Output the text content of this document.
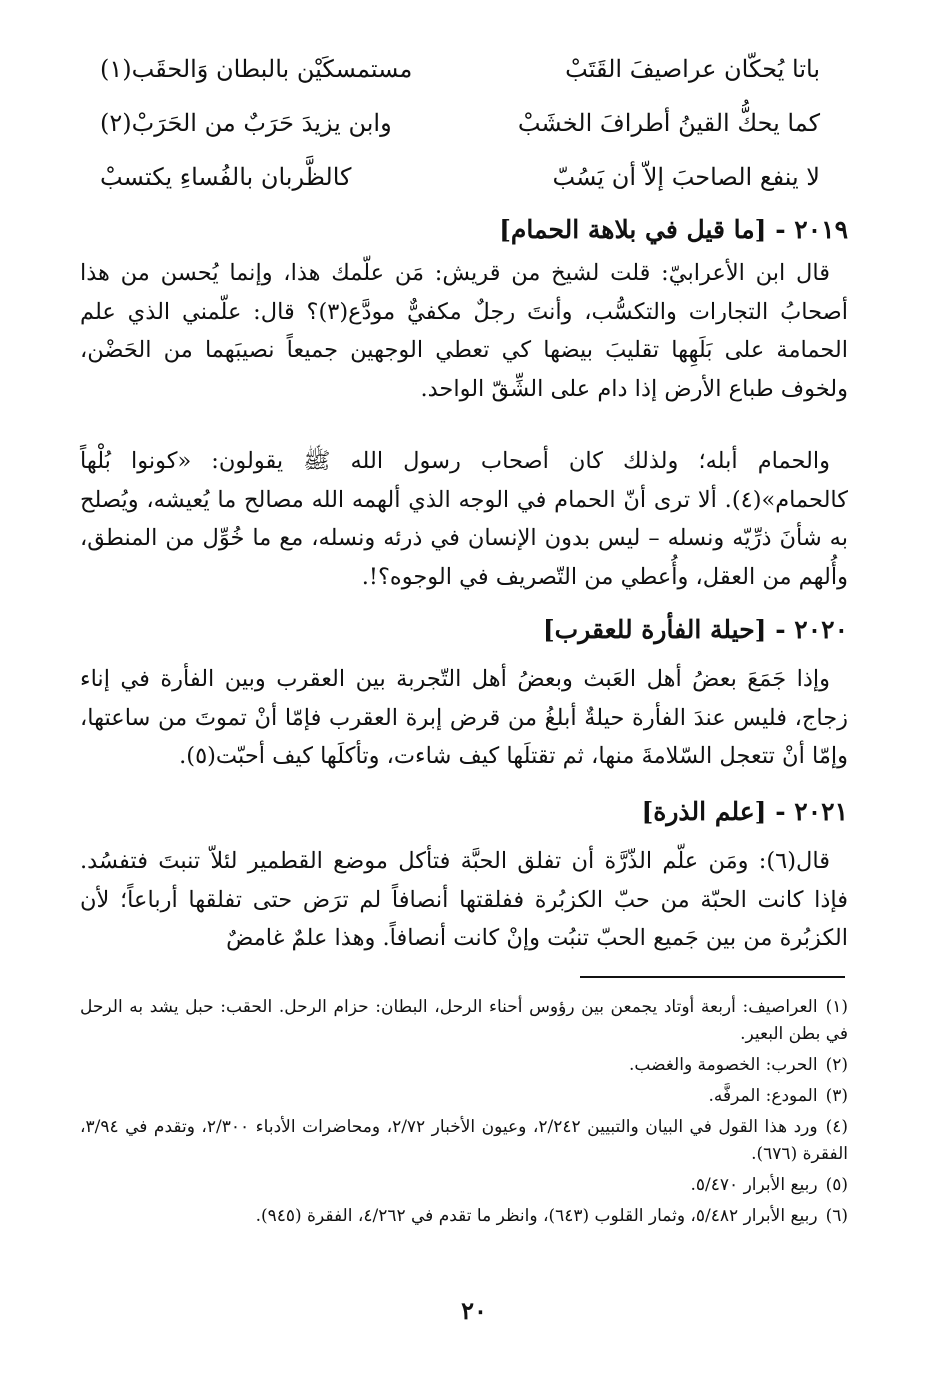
باتا يُحكّان عراصيفَ القَتَبْ
مستمسكَيْن بالبطان وَالحقَب(١)
كما يحكُّ القينُ أطرافَ الخشَبْ
وابن يزيدَ حَرَبٌ من الحَرَبْ(٢)
لا ينفع الصاحبَ إلاّ أن يَسُبّ
كالظَّربان بالفُساءِ يكتسبْ
٢٠١٩ - [ما قيل في بلاهة الحمام]

قال ابن الأعرابيّ: قلت لشيخ من قريش: مَن علّمك هذا، وإنما يُحسن من هذا أصحابُ التجارات والتكسُّب، وأنتَ رجلٌ مكفيٌّ مودَّع(٣)؟ قال: علّمني الذي علم الحمامة على بَلَهِها تقليبَ بيضها كي تعطي الوجهين جميعاً نصيبَهما من الحَضْن، ولخوف طباع الأرض إذا دام على الشِّقّ الواحد.

والحمام أبله؛ ولذلك كان أصحاب رسول الله ﷺ يقولون: «كونوا بُلْهاً كالحمام»(٤). ألا ترى أنّ الحمام في الوجه الذي ألهمه الله مصالح ما يُعيشه، ويُصلح به شأنَ ذرِّيّه ونسله – ليس بدون الإنسان في ذرئه ونسله، مع ما خُوِّل من المنطق، وأُلهم من العقل، وأُعطي من التّصريف في الوجوه؟!.

٢٠٢٠ - [حيلة الفأرة للعقرب]

وإذا جَمَعَ بعضُ أهل العَبث وبعضُ أهل التّجربة بين العقرب وبين الفأرة في إناء زجاج، فليس عندَ الفأرة حيلةٌ أبلغُ من قرض إبرة العقرب فإمّا أنْ تموتَ من ساعتها، وإمّا أنْ تتعجل السّلامةَ منها، ثم تقتلَها كيف شاءت، وتأكلَها كيف أحبّت(٥).

٢٠٢١ - [علم الذرة]

قال(٦): ومَن علّم الذّرَّة أن تفلق الحبَّة فتأكل موضع القطمير لئلاّ تنبتَ فتفسُد. فإذا كانت الحبّة من حبّ الكزبُرة ففلقتها أنصافاً لم ترَض حتى تفلقها أرباعاً؛ لأن الكزبُرة من بين جَميع الحبّ تنبُت وإنْ كانت أنصافاً. وهذا علمٌ غامضٌ

(١)العراصيف: أربعة أوتاد يجمعن بين رؤوس أحناء الرحل، البطان: حزام الرحل. الحقب: حبل يشد به الرحل في بطن البعير.
(٢)الحرب: الخصومة والغضب.
(٣)المودع: المرفَّه.
(٤)ورد هذا القول في البيان والتبيين ٢/٢٤٢، وعيون الأخبار ٢/٧٢، ومحاضرات الأدباء ٢/٣٠٠، وتقدم في ٣/٩٤، الفقرة (٦٧٦).
(٥)ربيع الأبرار ٥/٤٧٠.
(٦)ربيع الأبرار ٥/٤٨٢، وثمار القلوب (٦٤٣)، وانظر ما تقدم في ٤/٢٦٢، الفقرة (٩٤٥).
٢٠
